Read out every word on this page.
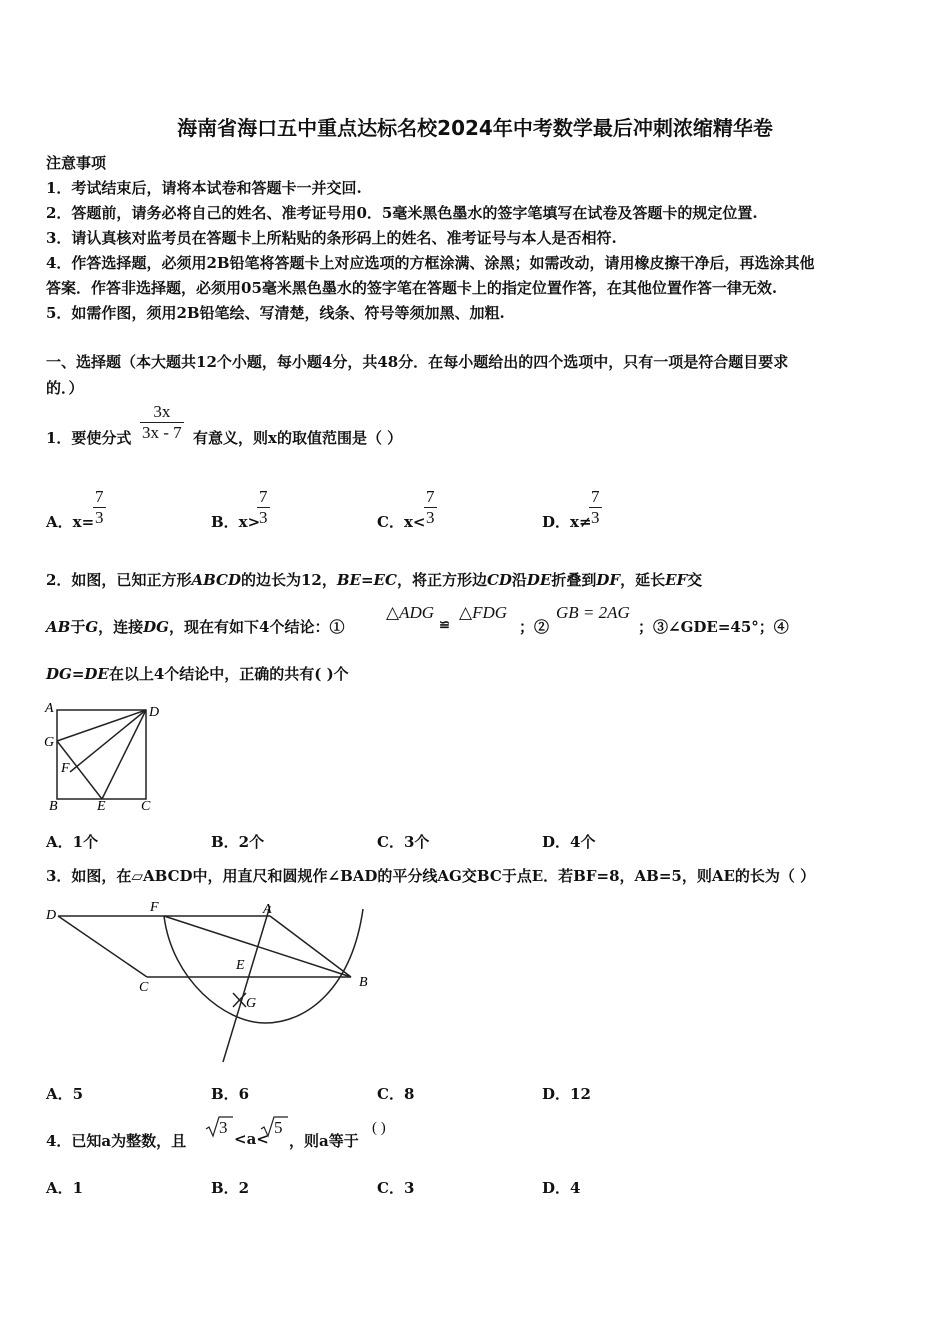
海南省海口五中重点达标名校2024年中考数学最后冲刺浓缩精华卷
注意事项
1．考试结束后，请将本试卷和答题卡一并交回.
2．答题前，请务必将自己的姓名、准考证号用0．5毫米黑色墨水的签字笔填写在试卷及答题卡的规定位置.
3．请认真核对监考员在答题卡上所粘贴的条形码上的姓名、准考证号与本人是否相符.
4．作答选择题，必须用2B铅笔将答题卡上对应选项的方框涂满、涂黑；如需改动，请用橡皮擦干净后，再选涂其他
答案．作答非选择题，必须用05毫米黑色墨水的签字笔在答题卡上的指定位置作答，在其他位置作答一律无效.
5．如需作图，须用2B铅笔绘、写清楚，线条、符号等须加黑、加粗.
一、选择题（本大题共12个小题，每小题4分，共48分．在每小题给出的四个选项中，只有一项是符合题目要求
的．）
1．要使分式 $\frac{3x}{3x - 7}$ 有意义，则x的取值范围是（ ）
A．x=
$\frac{7}{3}$	B．x>
$\frac{7}{3}$	C．x<
$\frac{7}{3}$	D．x≠
$\frac{7}{3}$
2．如图，已知正方形ABCD的边长为12，BE=EC，将正方形边CD沿DE折叠到DF，延长EF交
AB于G，连接DG，现在有如下4个结论：①
△ADG
≌
△FDG
；②
GB = 2AG
；③∠GDE=45°；④
DG=DE在以上4个结论中，正确的共有( )个
A	D
G
F
B	E	C
A．1个	B．2个	C．3个	D．4个
3．如图，在▱ABCD中，用直尺和圆规作∠BAD的平分线AG交BC于点E．若BF=8，AB=5，则AE的长为（ ）
D
F	A
E
C	B
G
A．5	B．6	C．8	D．12
4．已知a为整数，且
3
<a<
5
，则a等于
( )
A．1	B．2	C．3	D．4
